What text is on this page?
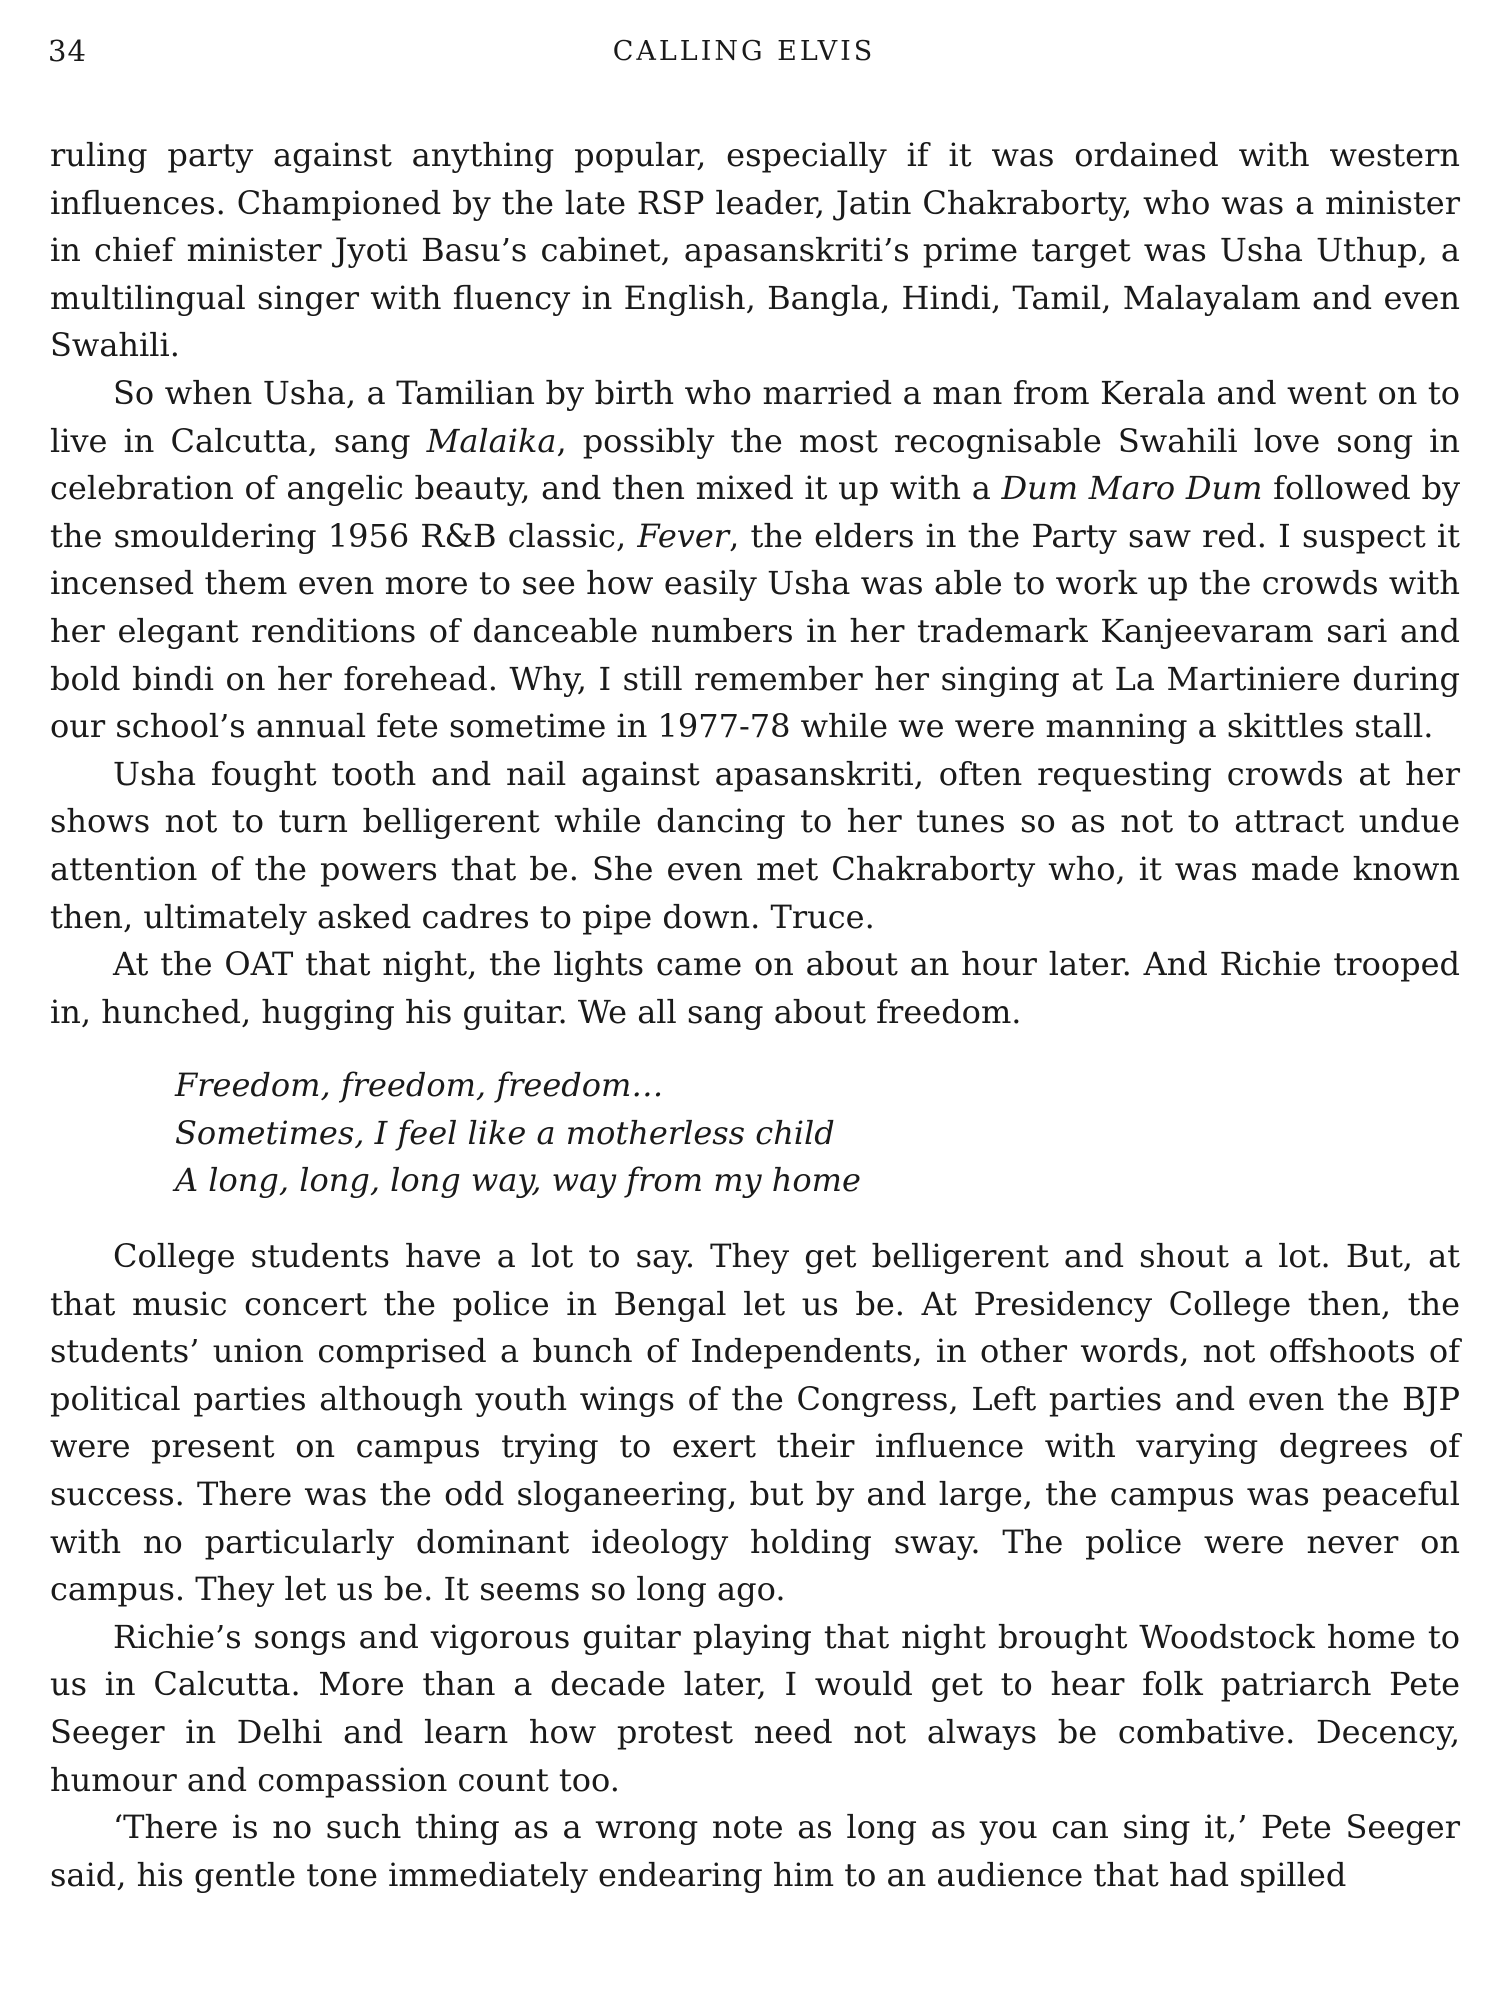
34	CALLING ELVIS

ruling party against anything popular, especially if it was ordained with western influences. Championed by the late RSP leader, Jatin Chakraborty, who was a minister in chief minister Jyoti Basu’s cabinet, apasanskriti’s prime target was Usha Uthup, a multilingual singer with fluency in English, Bangla, Hindi, Tamil, Malayalam and even Swahili.

So when Usha, a Tamilian by birth who married a man from Kerala and went on to live in Calcutta, sang Malaika, possibly the most recognisable Swahili love song in celebration of angelic beauty, and then mixed it up with a Dum Maro Dum followed by the smouldering 1956 R&B classic, Fever, the elders in the Party saw red. I suspect it incensed them even more to see how easily Usha was able to work up the crowds with her elegant renditions of danceable numbers in her trademark Kanjeevaram sari and bold bindi on her forehead. Why, I still remember her singing at La Martiniere during our school’s annual fete sometime in 1977-78 while we were manning a skittles stall.

Usha fought tooth and nail against apasanskriti, often requesting crowds at her shows not to turn belligerent while dancing to her tunes so as not to attract undue attention of the powers that be. She even met Chakraborty who, it was made known then, ultimately asked cadres to pipe down. Truce.

At the OAT that night, the lights came on about an hour later. And Richie trooped in, hunched, hugging his guitar. We all sang about freedom.

Freedom, freedom, freedom…
Sometimes, I feel like a motherless child
A long, long, long way, way from my home

College students have a lot to say. They get belligerent and shout a lot. But, at that music concert the police in Bengal let us be. At Presidency College then, the students’ union comprised a bunch of Independents, in other words, not offshoots of political parties although youth wings of the Congress, Left parties and even the BJP were present on campus trying to exert their influence with varying degrees of success. There was the odd sloganeering, but by and large, the campus was peaceful with no particularly dominant ideology holding sway. The police were never on campus. They let us be. It seems so long ago.

Richie’s songs and vigorous guitar playing that night brought Woodstock home to us in Calcutta. More than a decade later, I would get to hear folk patriarch Pete Seeger in Delhi and learn how protest need not always be combative. Decency, humour and compassion count too.

‘There is no such thing as a wrong note as long as you can sing it,’ Pete Seeger said, his gentle tone immediately endearing him to an audience that had spilled
